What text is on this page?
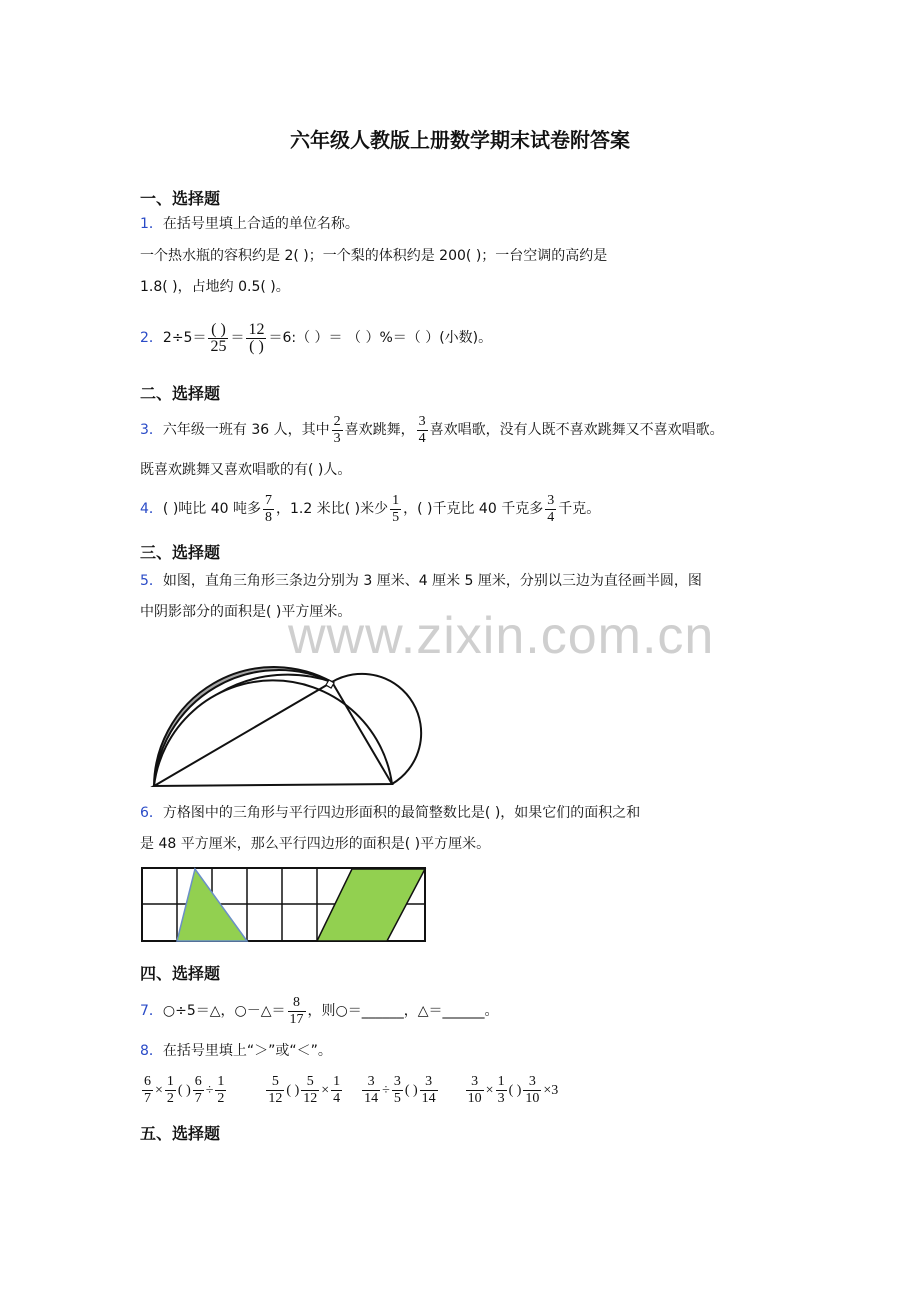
六年级人教版上册数学期末试卷附答案
www.zixin.com.cn
一、选择题
1．在括号里填上合适的单位名称。
一个热水瓶的容积约是 2( )；一个梨的体积约是 200( )；一台空调的高约是
1.8( )，占地约 0.5( )。
2．$2\div 5= \frac{( )}{25} = \frac{12}{( )}$ ＝6:（ ）＝ （ ）%＝（ ）(小数)。
二、选择题
3．六年级一班有 36 人，其中 $\frac{2}{3}$ 喜欢跳舞， $\frac{3}{4}$ 喜欢唱歌，没有人既不喜欢跳舞又不喜欢唱歌。
既喜欢跳舞又喜欢唱歌的有( )人。
4．( )吨比 40 吨多 $\frac{7}{8}$ ，1.2 米比( )米少 $\frac{1}{5}$ ，( )千克比 40 千克多 $\frac{3}{4}$ 千克。
三、选择题
5．如图，直角三角形三条边分别为 3 厘米、4 厘米 5 厘米，分别以三边为直径画半圆，图
中阴影部分的面积是( )平方厘米。
6．方格图中的三角形与平行四边形面积的最简整数比是( )，如果它们的面积之和
是 48 平方厘米，那么平行四边形的面积是( )平方厘米。
四、选择题
7．○÷5＝△，○－△＝ $\frac{8}{17}$ ，则○＝______，△＝______。
8．在括号里填上“＞”或“＜”。
$\frac{6}{7} \times \frac{1}{2}$ ( ) $\frac{6}{7} \div \frac{1}{2}$	$\frac{5}{12}$ ( ) $\frac{5}{12} \times \frac{1}{4} \frac{3}{14} \div \frac{3}{5}$ ( ) $\frac{3}{14} \frac{3}{10} \times \frac{1}{3}$ ( ) $\frac{3}{10} \times 3$
五、选择题
